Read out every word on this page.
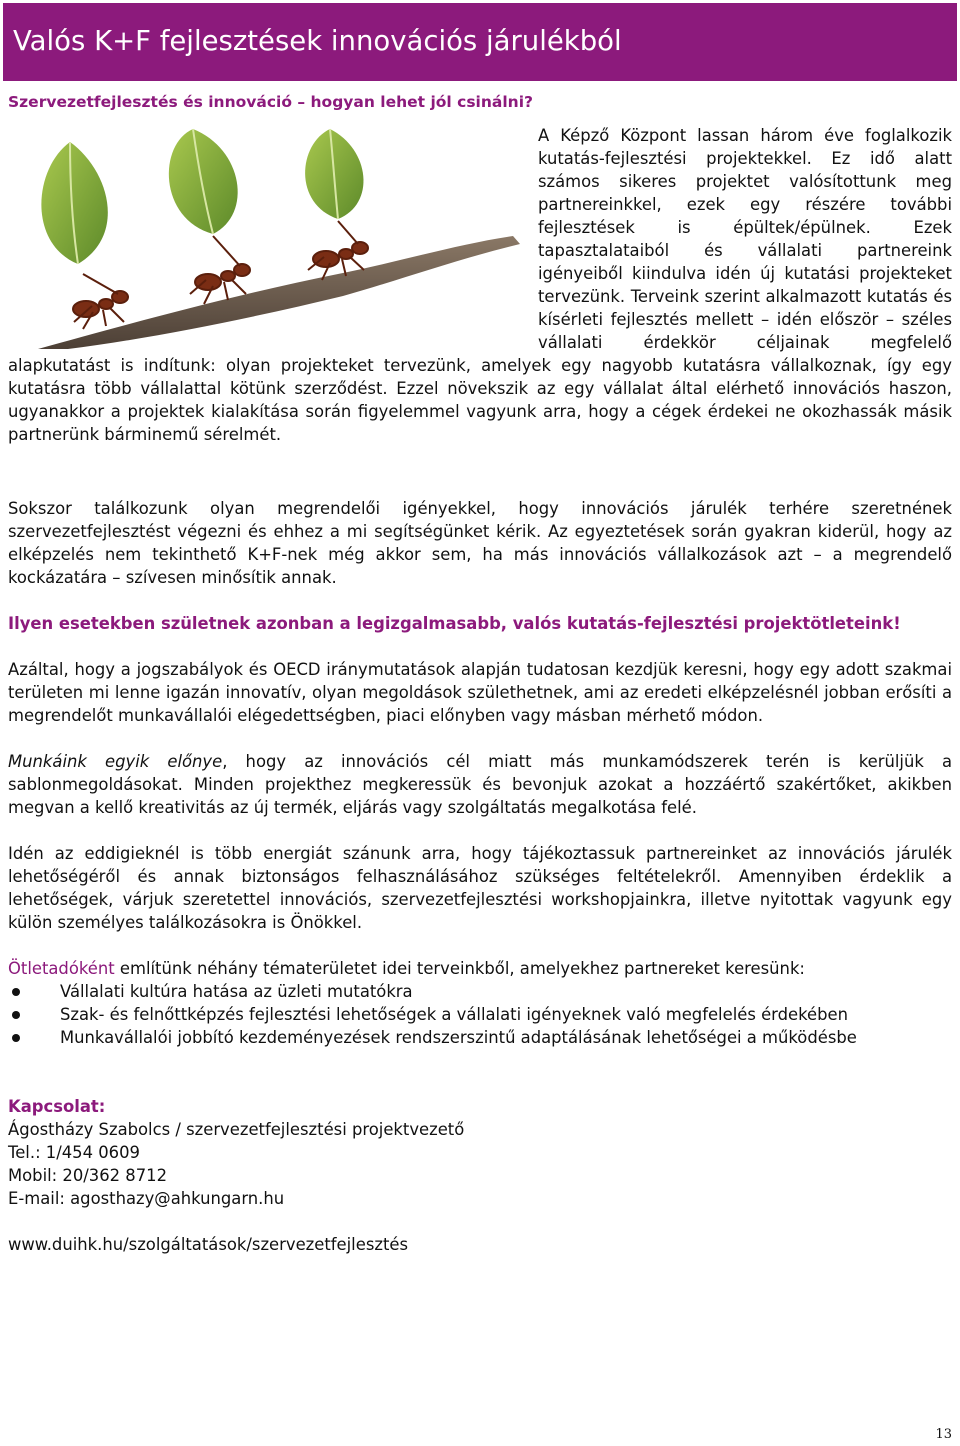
Valós K+F fejlesztések innovációs járulékból

Szervezetfejlesztés és innováció – hogyan lehet jól csinálni?

A Képző Központ lassan három éve foglalkozik kutatás-fejlesztési projektekkel. Ez idő alatt számos sikeres projektet valósítottunk meg partnereinkkel, ezek egy részére további fejlesztések is épültek/épülnek. Ezek tapasztalataiból és vállalati partnereink igényeiből kiindulva idén új kutatási projekteket tervezünk. Terveink szerint alkalmazott kutatás és kísérleti fejlesztés mellett – idén először – széles vállalati érdekkör céljainak megfelelő alapkutatást is indítunk: olyan projekteket tervezünk, amelyek egy nagyobb kutatásra vállalkoznak, így egy kutatásra több vállalattal kötünk szerződést. Ezzel növekszik az egy vállalat által elérhető innovációs haszon, ugyanakkor a projektek kialakítása során figyelemmel vagyunk arra, hogy a cégek érdekei ne okozhassák másik partnerünk bárminemű sérelmét.

Sokszor találkozunk olyan megrendelői igényekkel, hogy innovációs járulék terhére szeretnének szervezetfejlesztést végezni és ehhez a mi segítségünket kérik. Az egyeztetések során gyakran kiderül, hogy az elképzelés nem tekinthető K+F-nek még akkor sem, ha más innovációs vállalkozások azt – a megrendelő kockázatára – szívesen minősítik annak.

Ilyen esetekben születnek azonban a legizgalmasabb, valós kutatás-fejlesztési projektötleteink!

Azáltal, hogy a jogszabályok és OECD iránymutatások alapján tudatosan kezdjük keresni, hogy egy adott szakmai területen mi lenne igazán innovatív, olyan megoldások születhetnek, ami az eredeti elképzelésnél jobban erősíti a megrendelőt munkavállalói elégedettségben, piaci előnyben vagy másban mérhető módon.

Munkáink egyik előnye, hogy az innovációs cél miatt más munkamódszerek terén is kerüljük a sablonmegoldásokat. Minden projekthez megkeressük és bevonjuk azokat a hozzáértő szakértőket, akikben megvan a kellő kreativitás az új termék, eljárás vagy szolgáltatás megalkotása felé.

Idén az eddigieknél is több energiát szánunk arra, hogy tájékoztassuk partnereinket az innovációs járulék lehetőségéről és annak biztonságos felhasználásához szükséges feltételekről. Amennyiben érdeklik a lehetőségek, várjuk szeretettel innovációs, szervezetfejlesztési workshopjainkra, illetve nyitottak vagyunk egy külön személyes találkozásokra is Önökkel.

Ötletadóként említünk néhány tématerületet idei terveinkből, amelyekhez partnereket keresünk:

Vállalati kultúra hatása az üzleti mutatókra
Szak- és felnőttképzés fejlesztési lehetőségek a vállalati igényeknek való megfelelés érdekében
Munkavállalói jobbító kezdeményezések rendszerszintű adaptálásának lehetőségei a működésbe

Kapcsolat:

Ágostházy Szabolcs / szervezetfejlesztési projektvezető

Tel.: 1/454 0609

Mobil: 20/362 8712

E-mail: agosthazy@ahkungarn.hu

www.duihk.hu/szolgáltatások/szervezetfejlesztés

13
